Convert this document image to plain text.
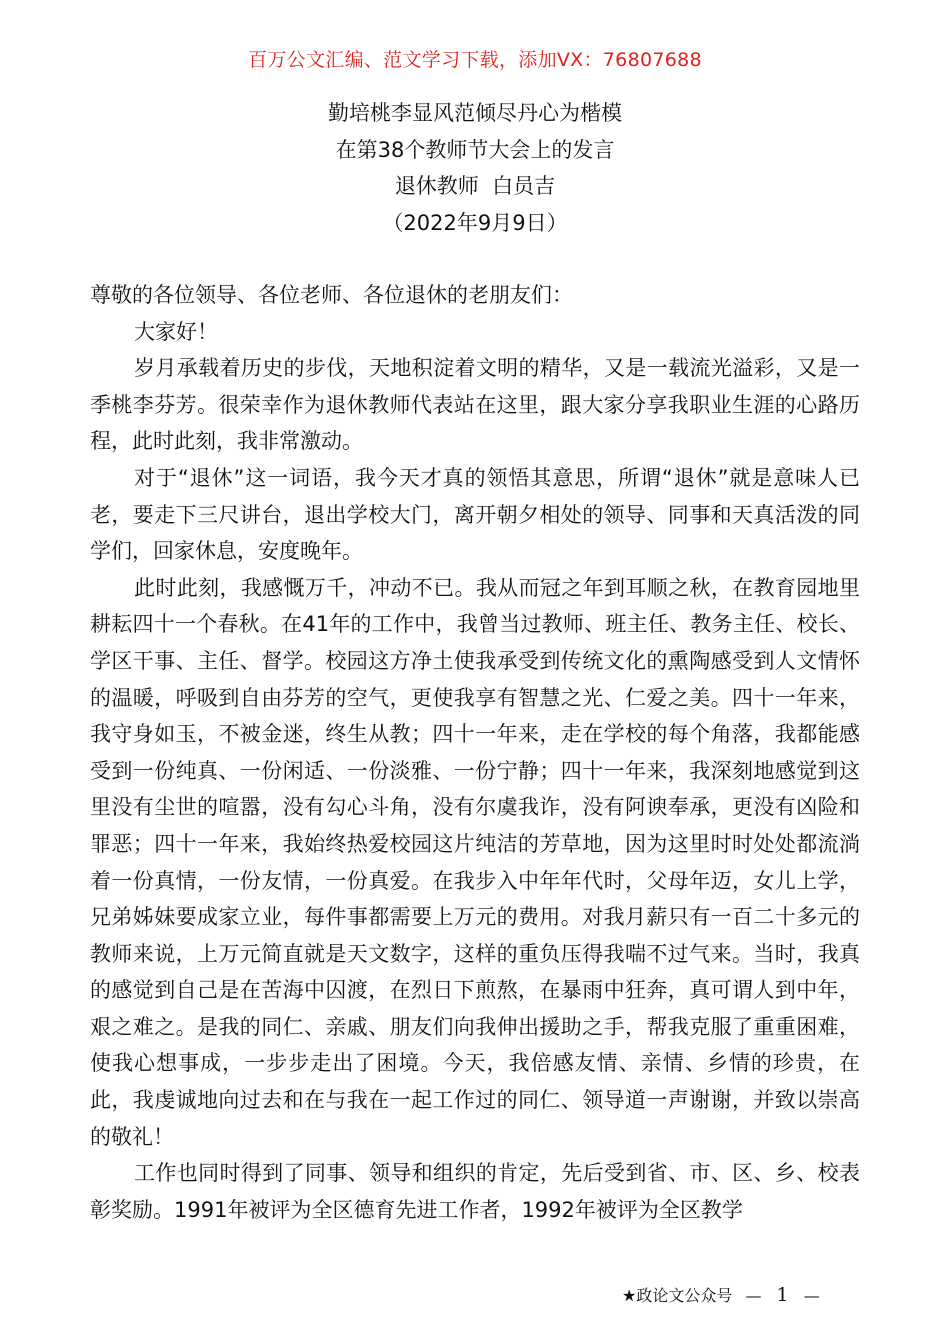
百万公文汇编、范文学习下载，添加VX：76807688
勤培桃李显风范倾尽丹心为楷模
在第38个教师节大会上的发言
退休教师  白员吉
（2022年9月9日）

尊敬的各位领导、各位老师、各位退休的老朋友们：

大家好！

岁月承载着历史的步伐，天地积淀着文明的精华，又是一载流光溢彩，又是一季桃李芬芳。很荣幸作为退休教师代表站在这里，跟大家分享我职业生涯的心路历程，此时此刻，我非常激动。

对于“退休”这一词语，我今天才真的领悟其意思，所谓“退休”就是意味人已老，要走下三尺讲台，退出学校大门，离开朝夕相处的领导、同事和天真活泼的同学们，回家休息，安度晚年。

此时此刻，我感慨万千，冲动不已。我从而冠之年到耳顺之秋，在教育园地里耕耘四十一个春秋。在41年的工作中，我曾当过教师、班主任、教务主任、校长、学区干事、主任、督学。校园这方净土使我承受到传统文化的熏陶感受到人文情怀的温暖，呼吸到自由芬芳的空气，更使我享有智慧之光、仁爱之美。四十一年来，我守身如玉，不被金迷，终生从教；四十一年来，走在学校的每个角落，我都能感受到一份纯真、一份闲适、一份淡雅、一份宁静；四十一年来，我深刻地感觉到这里没有尘世的喧嚣，没有勾心斗角，没有尔虞我诈，没有阿谀奉承，更没有凶险和罪恶；四十一年来，我始终热爱校园这片纯洁的芳草地，因为这里时时处处都流淌着一份真情，一份友情，一份真爱。在我步入中年年代时，父母年迈，女儿上学，兄弟姊妹要成家立业，每件事都需要上万元的费用。对我月薪只有一百二十多元的教师来说，上万元简直就是天文数字，这样的重负压得我喘不过气来。当时，我真的感觉到自己是在苦海中囚渡，在烈日下煎熬，在暴雨中狂奔，真可谓人到中年，艰之难之。是我的同仁、亲戚、朋友们向我伸出援助之手，帮我克服了重重困难，使我心想事成，一步步走出了困境。今天，我倍感友情、亲情、乡情的珍贵，在此，我虔诚地向过去和在与我在一起工作过的同仁、领导道一声谢谢，并致以崇高的敬礼！

工作也同时得到了同事、领导和组织的肯定，先后受到省、市、区、乡、校表彰奖励。1991年被评为全区德育先进工作者，1992年被评为全区教学

★政论文公众号 — 1 —
